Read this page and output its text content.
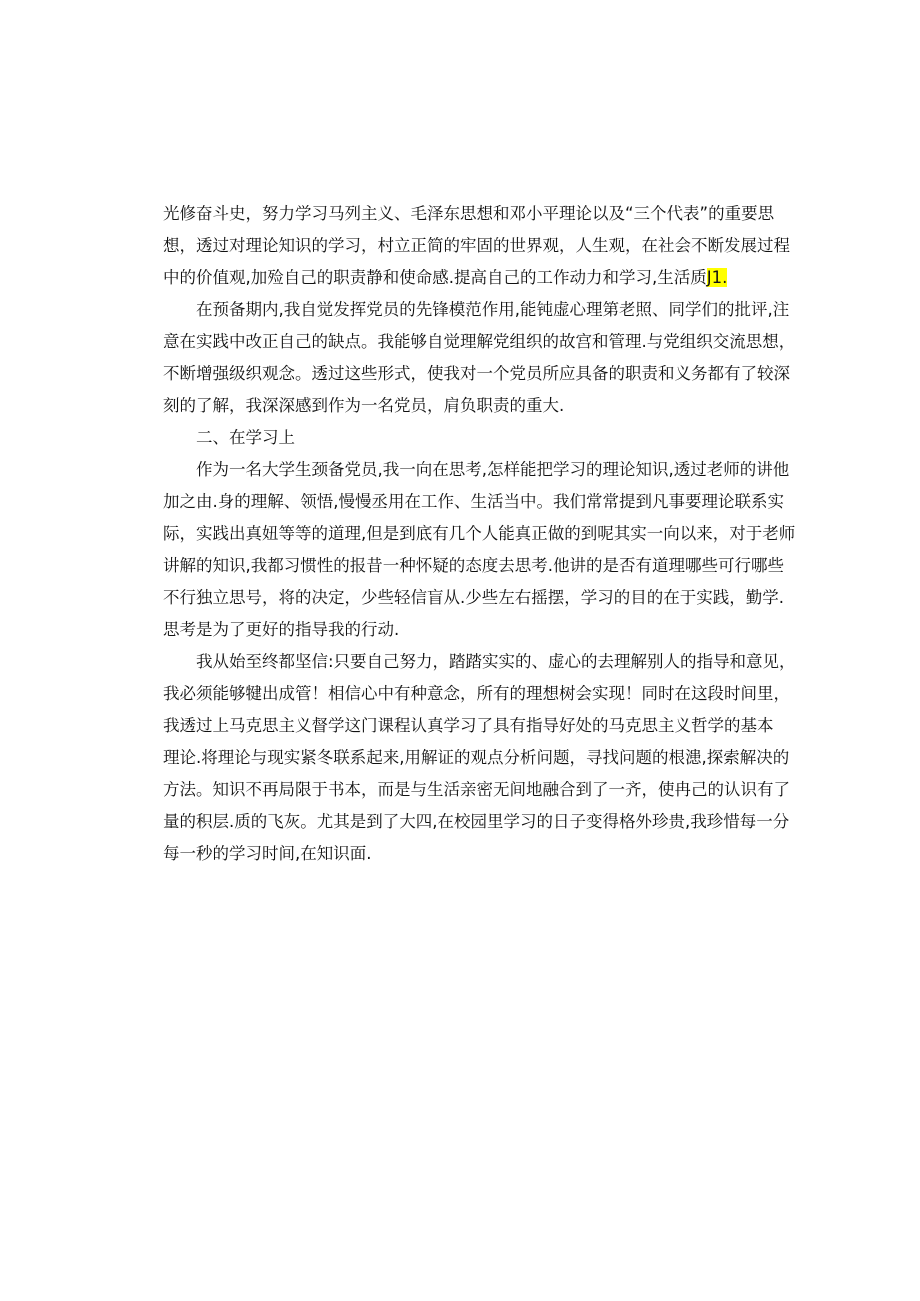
光修奋斗史，努力学习马列主义、毛泽东思想和邓小平理论以及“三个代表”的重要思
想，透过对理论知识的学习，村立正简的牢固的世界观，人生观，在社会不断发展过程
中的价值观,加殓自己的职责静和使命感.提高自己的工作动力和学习,生活质J1.
在预备期内,我自觉发挥党员的先锋模范作用,能钝虚心理第老照、同学们的批评,注
意在实践中改正自己的缺点。我能够自觉理解党组织的故宫和管理.与党组织交流思想，
不断增强级织观念。透过这些形式，使我对一个党员所应具备的职责和义务都有了较深
刻的了解，我深深感到作为一名党员，肩负职责的重大.
二、在学习上
作为一名大学生颈备党员,我一向在思考,怎样能把学习的理论知识,透过老师的讲他
加之由.身的理解、领悟,慢慢丞用在工作、生活当中。我们常常提到凡事要理论联系实
际，实践出真妞等等的道理,但是到底有几个人能真正做的到呢其实一向以来，对于老师
讲解的知识,我都习惯性的报昔一种怀疑的态度去思考.他讲的是否有道理哪些可行哪些
不行独立思号，将的决定，少些轻信盲从.少些左右摇摆，学习的目的在于实践，勤学.
思考是为了更好的指导我的行动.
我从始至终都坚信:只要自己努力，踏踏实实的、虚心的去理解别人的指导和意见，
我必须能够犍出成管！相信心中有种意念，所有的理想树会实现！同时在这段时间里，
我透过上马克思主义督学这门课程认真学习了具有指导好处的马克思主义哲学的基本
理论.将理论与现实紧冬联系起来,用解证的观点分析问题，寻找问题的根漶,探索解决的
方法。知识不再局限于书本，而是与生活亲密无间地融合到了一齐，使冉己的认识有了
量的积层.质的飞灰。尤其是到了大四,在校园里学习的日子变得格外珍贵,我珍惜每一分
每一秒的学习时间,在知识面.
